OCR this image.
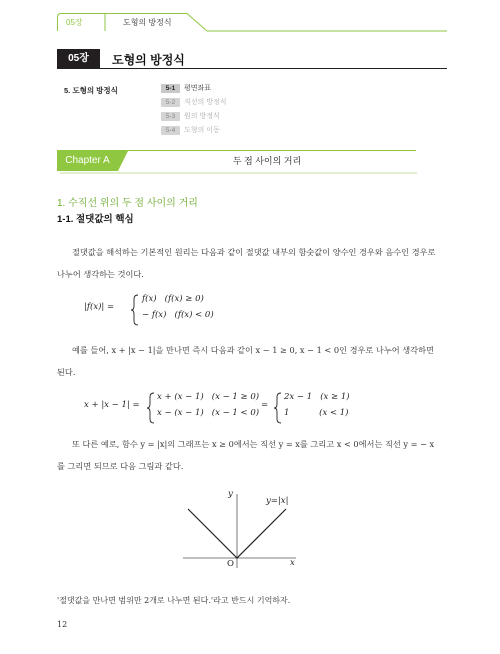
05장	도형의 방정식
05장	도형의 방정식
5. 도형의 방정식	5-1 평면좌표
5-2 직선의 방정식
5-3 원의 방정식
5-4 도형의 이동
Chapter A	두 점 사이의 거리
1. 수직선 위의 두 점 사이의 거리
1-1. 절댓값의 핵심
절댓값을 해석하는 기본적인 원리는 다음과 같이 절댓값 내부의 함숫값이 양수인 경우와 음수인 경우로 나누어 생각하는 것이다.
|f(x)| =
f(x)   (f(x) ≥ 0)
− f(x)   (f(x) < 0)
예를 들어, x + |x − 1|을 만나면 즉시 다음과 같이 x − 1 ≥ 0, x − 1 < 0인 경우로 나누어 생각하면 된다.
x + |x − 1| =
x + (x − 1)   (x − 1 ≥ 0)
x − (x − 1)   (x − 1 < 0)
=
2x − 1   (x ≥ 1)
1           (x < 1)
또 다른 예로, 함수 y = |x|의 그래프는 x ≥ 0에서는 직선 y = x를 그리고 x < 0에서는 직선 y = − x를 그리면 되므로 다음 그림과 같다.
y
x
O
y=|x|
'절댓값을 만나면 범위만 2개로 나누면 된다.'라고 반드시 기억하자.
12
